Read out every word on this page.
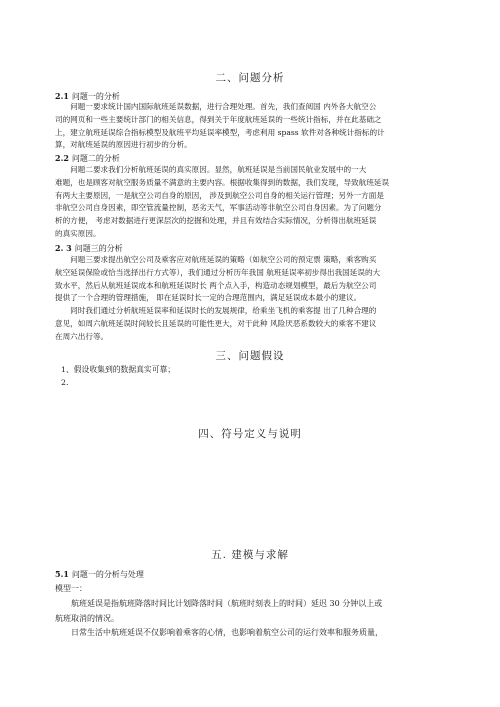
二、问题分析
2.1 问题一的分析
　　问题一要求统计国内国际航班延误数据，进行合理处理。首先，我们查阅国 内外各大航空公
司的网页和一些主要统计部门的相关信息，得到关于年度航班延误的一些统计指标，并在此基础之
上，建立航班延误综合指标模型及航班平均延误率模型，考虑利用 spass 软件对各种统计指标的计
算，对航班延误的原因进行初步的分析。
2.2 问题二的分析
　　问题二要求我们分析航班延误的真实原因。显然，航班延误是当前国民航业发展中的一大
难题，也是顾客对航空服务质量不满意的主要内容。根据收集得到的数据，我们发现，导致航班延误
有两大主要原因，一是航空公司自身的原因， 涉及到航空公司自身的相关运行管理；另外一方面是
非航空公司自身因素，即空管流量控制，恶劣天气，军事活动等非航空公司自身因素。为了问题分
析的方便， 考虑对数据进行更深层次的挖掘和处理，并且有效结合实际情况，分析得出航班延误
的真实原因。
2. 3 问题三的分析
　　问题三要求提出航空公司及乘客应对航班延误的策略（如航空公司的预定票 策略，乘客购买
航空延误保险或恰当选择出行方式等），我们通过分析历年我国 航班延误率初步得出我国延误的大
致水平，然后从航班延误成本和航班延误时长 两个点入手，构造动态规划模型，最后为航空公司
提供了一个合理的管理措施， 即在延误时长一定的合理范围内，满足延误成本最小的建议。
　　同时我们通过分析航班延误率和延误时长的发展规律，给乘坐飞机的乘客提 出了几种合理的
意见，如周六航班延误时间较长且延误的可能性更大，对于此种 风险厌恶系数较大的乘客不建议
在周六出行等。
三、问题假设
1、假设收集到的数据真实可靠；
2.
四、符号定义与说明
五. 建模与求解
5.1 问题一的分析与处理
模型一：
　　航班延误是指航班降落时间比计划降落时间（航班时刻表上的时间）延迟 30 分钟以上或
航班取消的情况。
　　日常生活中航班延误不仅影响着乘客的心情，也影响着航空公司的运行效率和服务质量，
